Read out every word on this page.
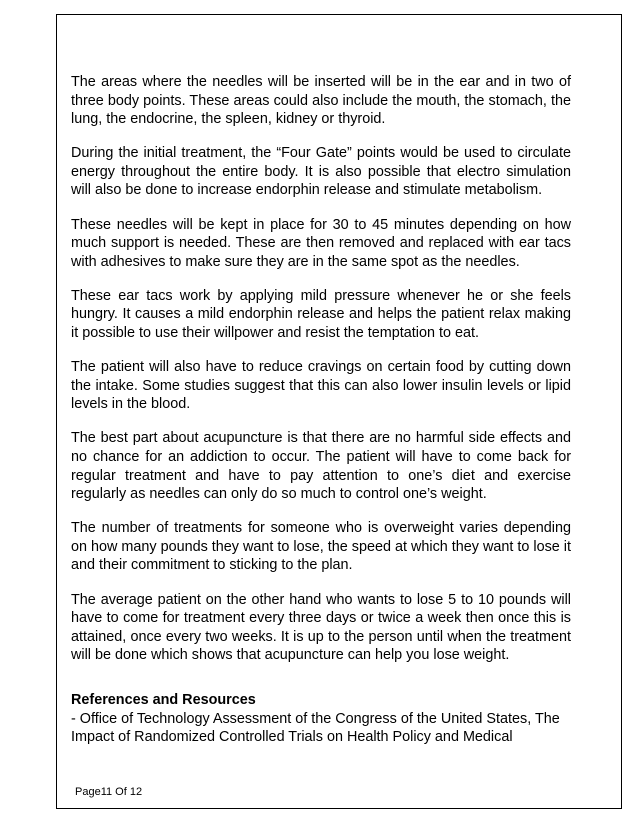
The areas where the needles will be inserted will be in the ear and in two of three body points. These areas could also include the mouth, the stomach, the lung, the endocrine, the spleen, kidney or thyroid.

During the initial treatment, the “Four Gate” points would be used to circulate energy throughout the entire body. It is also possible that electro simulation will also be done to increase endorphin release and stimulate metabolism.

These needles will be kept in place for 30 to 45 minutes depending on how much support is needed. These are then removed and replaced with ear tacs with adhesives to make sure they are in the same spot as the needles.

These ear tacs work by applying mild pressure whenever he or she feels hungry. It causes a mild endorphin release and helps the patient relax making it possible to use their willpower and resist the temptation to eat.

The patient will also have to reduce cravings on certain food by cutting down the intake. Some studies suggest that this can also lower insulin levels or lipid levels in the blood.

The best part about acupuncture is that there are no harmful side effects and no chance for an addiction to occur. The patient will have to come back for regular treatment and have to pay attention to one’s diet and exercise regularly as needles can only do so much to control one’s weight.

The number of treatments for someone who is overweight varies depending on how many pounds they want to lose, the speed at which they want to lose it and their commitment to sticking to the plan.

The average patient on the other hand who wants to lose 5 to 10 pounds will have to come for treatment every three days or twice a week then once this is attained, once every two weeks. It is up to the person until when the treatment will be done which shows that acupuncture can help you lose weight.

References and Resources

- Office of Technology Assessment of the Congress of the United States, The Impact of Randomized Controlled Trials on Health Policy and Medical

Page11 Of 12
